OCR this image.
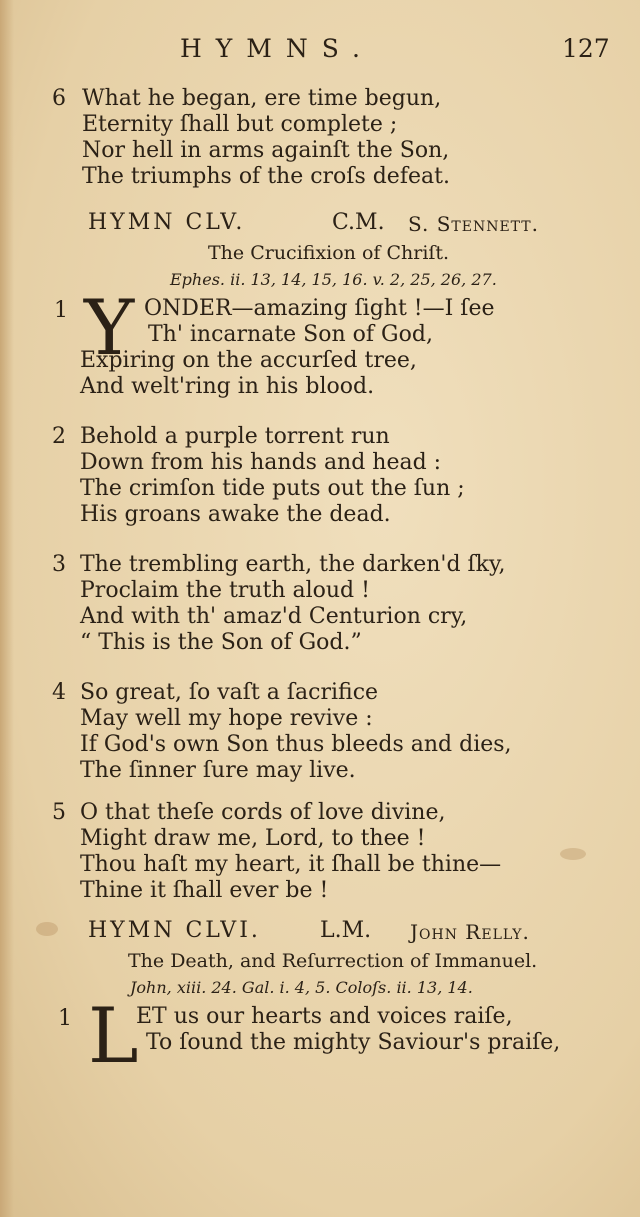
HYMNS.	127
6 What he began, ere time begun,
Eternity ſhall but complete ;
Nor hell in arms againſt the Son,
The triumphs of the croſs defeat.
HYMN CLV.	C.M. S. Stennett.
The Crucifixion of Chriſt.
Ephes. ii. 13, 14, 15, 16. v. 2, 25, 26, 27.
1 Y ONDER—amazing ſight !—I ſee
Th' incarnate Son of God,
Expiring on the accurſed tree,
And welt'ring in his blood.
2 Behold a purple torrent run
Down from his hands and head :
The crimſon tide puts out the ſun ;
His groans awake the dead.
3 The trembling earth, the darken'd ſky,
Proclaim the truth aloud !
And with th' amaz'd Centurion cry,
“ This is the Son of God.”
4 So great, ſo vaſt a ſacrifice
May well my hope revive :
If God's own Son thus bleeds and dies,
The ſinner ſure may live.
5 O that theſe cords of love divine,
Might draw me, Lord, to thee !
Thou haſt my heart, it ſhall be thine—
Thine it ſhall ever be !
HYMN CLVI.	L.M. John Relly.
The Death, and Reſurrection of Immanuel.
John, xiii. 24. Gal. i. 4, 5. Coloſs. ii. 13, 14.
1 L
ET us our hearts and voices raiſe,
To ſound the mighty Saviour's praiſe,
